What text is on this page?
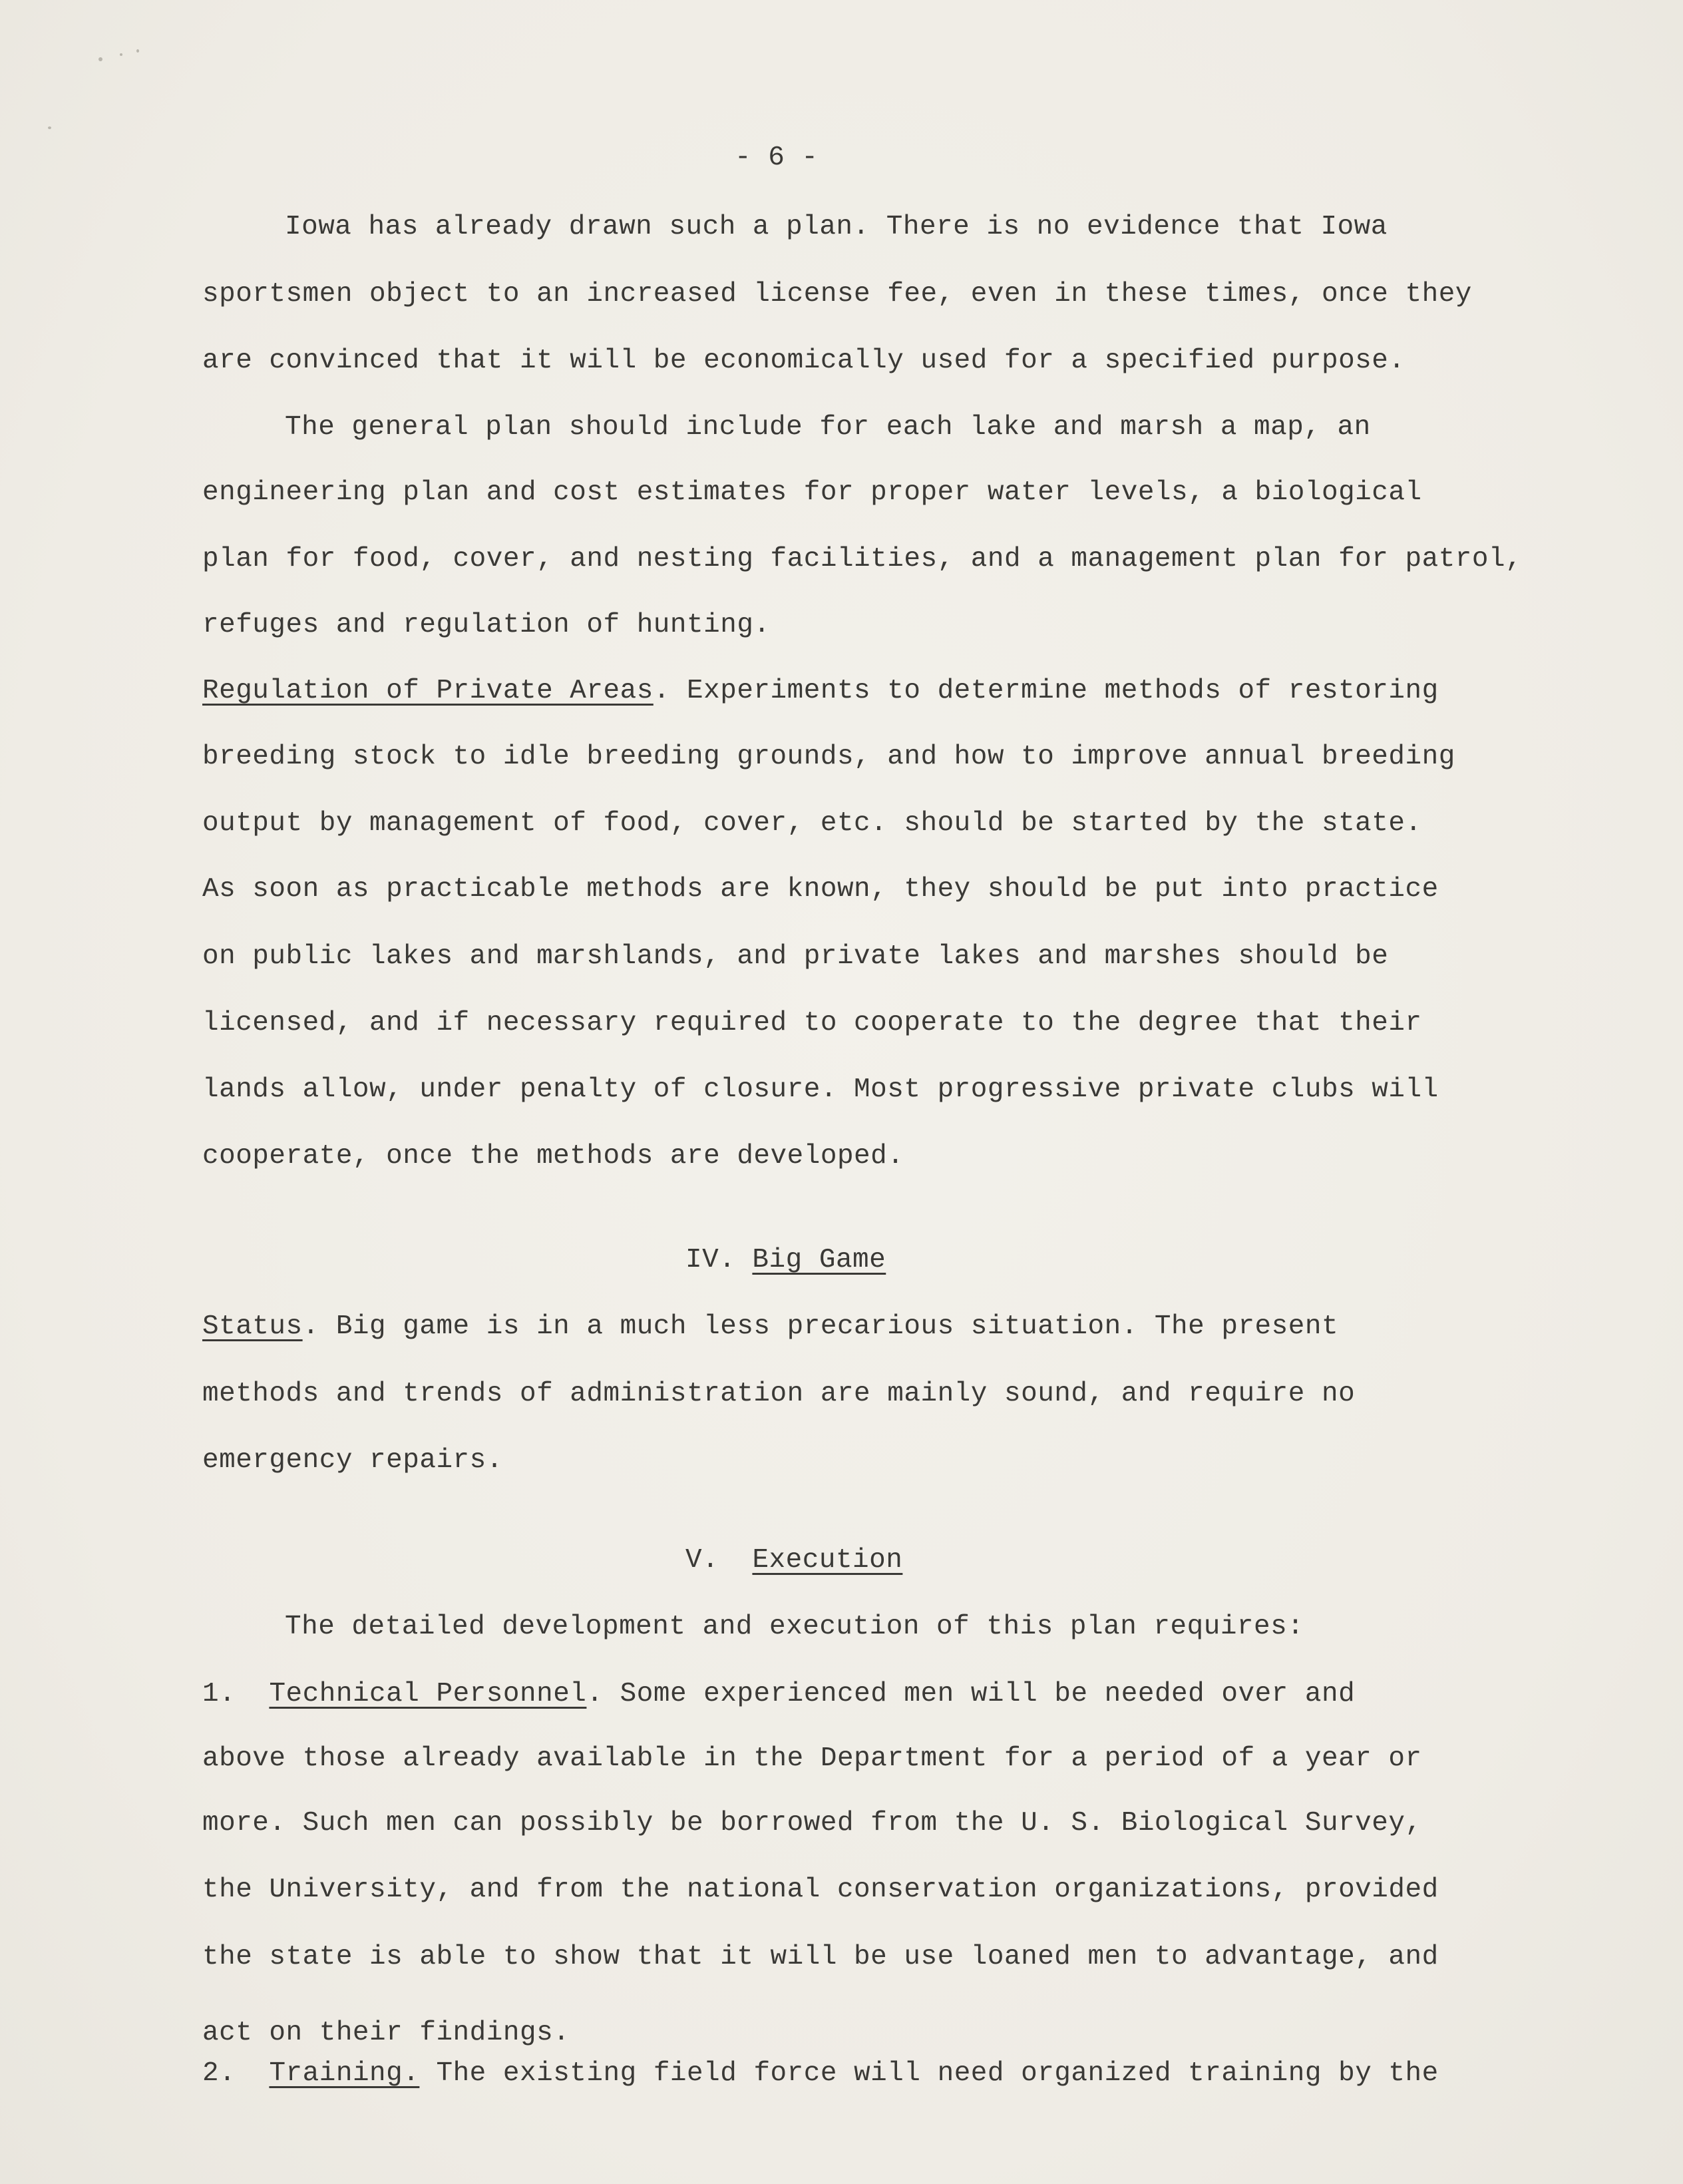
- 6 -
Iowa has already drawn such a plan. There is no evidence that Iowa
sportsmen object to an increased license fee, even in these times, once they
are convinced that it will be economically used for a specified purpose.
The general plan should include for each lake and marsh a map, an
engineering plan and cost estimates for proper water levels, a biological
plan for food, cover, and nesting facilities, and a management plan for patrol,
refuges and regulation of hunting.
Regulation of Private Areas. Experiments to determine methods of restoring
breeding stock to idle breeding grounds, and how to improve annual breeding
output by management of food, cover, etc. should be started by the state.
As soon as practicable methods are known, they should be put into practice
on public lakes and marshlands, and private lakes and marshes should be
licensed, and if necessary required to cooperate to the degree that their
lands allow, under penalty of closure. Most progressive private clubs will
cooperate, once the methods are developed.
IV. Big Game
Status. Big game is in a much less precarious situation. The present
methods and trends of administration are mainly sound, and require no
emergency repairs.
V. Execution
The detailed development and execution of this plan requires:
1. Technical Personnel. Some experienced men will be needed over and
above those already available in the Department for a period of a year or
more. Such men can possibly be borrowed from the U. S. Biological Survey,
the University, and from the national conservation organizations, provided
the state is able to show that it will be use loaned men to advantage, and
act on their findings.
2. Training. The existing field force will need organized training by the
